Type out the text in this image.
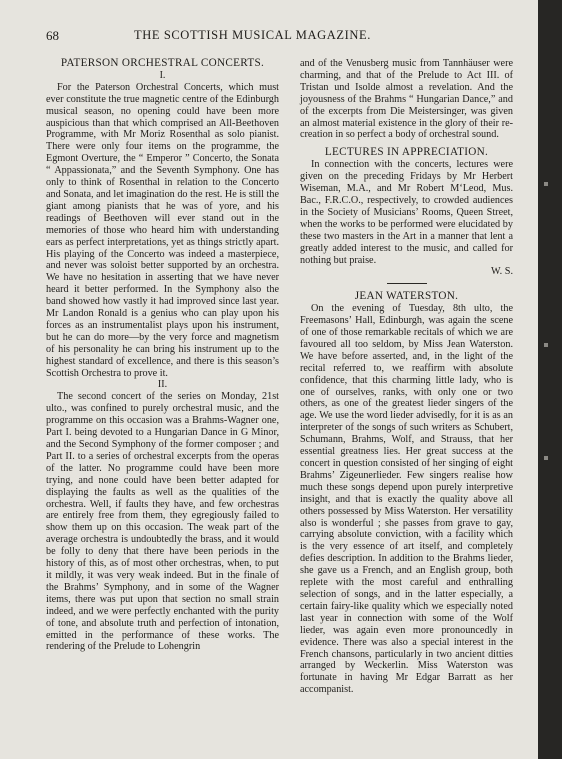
68	THE SCOTTISH MUSICAL MAGAZINE.
PATERSON ORCHESTRAL CONCERTS.
I.

For the Paterson Orchestral Concerts, which must ever constitute the true magnetic centre of the Edinburgh musical season, no opening could have been more auspicious than that which comprised an All-Beethoven Programme, with Mr Moriz Rosenthal as solo pianist. There were only four items on the programme, the Egmont Overture, the “ Emperor ” Concerto, the Sonata “ Appassionata,” and the Seventh Symphony. One has only to think of Rosenthal in relation to the Concerto and Sonata, and let imagination do the rest. He is still the giant among pianists that he was of yore, and his readings of Beethoven will ever stand out in the memories of those who heard him with understanding ears as perfect interpretations, yet as things strictly apart. His playing of the Concerto was indeed a masterpiece, and never was soloist better supported by an orchestra. We have no hesitation in asserting that we have never heard it better performed. In the Symphony also the band showed how vastly it had improved since last year. Mr Landon Ronald is a genius who can play upon his forces as an instrumentalist plays upon his instrument, but he can do more—by the very force and magnetism of his personality he can bring his instrument up to the highest standard of excellence, and there is this season’s Scottish Orchestra to prove it.

II.

The second concert of the series on Monday, 21st ulto., was confined to purely orchestral music, and the programme on this occasion was a Brahms-Wagner one, Part I. being devoted to a Hungarian Dance in G Minor, and the Second Symphony of the former composer ; and Part II. to a series of orchestral excerpts from the operas of the latter. No programme could have been more trying, and none could have been better adapted for displaying the faults as well as the qualities of the orchestra. Well, if faults they have, and few orchestras are entirely free from them, they egregiously failed to show them up on this occasion. The weak part of the average orchestra is undoubtedly the brass, and it would be folly to deny that there have been periods in the history of this, as of most other orchestras, when, to put it mildly, it was very weak indeed. But in the finale of the Brahms’ Symphony, and in some of the Wagner items, there was put upon that section no small strain indeed, and we were perfectly enchanted with the purity of tone, and absolute truth and perfection of intonation, emitted in the performance of these works. The rendering of the Prelude to Lohengrin

and of the Venusberg music from Tannhäuser were charming, and that of the Prelude to Act III. of Tristan und Isolde almost a revelation. And the joyousness of the Brahms “ Hungarian Dance,” and of the excerpts from Die Meistersinger, was given an almost material existence in the glory of their re-creation in so perfect a body of orchestral sound.

LECTURES IN APPRECIATION.

In connection with the concerts, lectures were given on the preceding Fridays by Mr Herbert Wiseman, M.A., and Mr Robert M‘Leod, Mus. Bac., F.R.C.O., respectively, to crowded audiences in the Society of Musicians’ Rooms, Queen Street, when the works to be performed were elucidated by these two masters in the Art in a manner that lent a greatly added interest to the music, and called for nothing but praise.

W. S.

JEAN WATERSTON.

On the evening of Tuesday, 8th ulto, the Freemasons’ Hall, Edinburgh, was again the scene of one of those remarkable recitals of which we are favoured all too seldom, by Miss Jean Waterston. We have before asserted, and, in the light of the recital referred to, we reaffirm with absolute confidence, that this charming little lady, who is one of ourselves, ranks, with only one or two others, as one of the greatest lieder singers of the age. We use the word lieder advisedly, for it is as an interpreter of the songs of such writers as Schubert, Schumann, Brahms, Wolf, and Strauss, that her essential greatness lies. Her great success at the concert in question consisted of her singing of eight Brahms’ Zigeunerlieder. Few singers realise how much these songs depend upon purely interpretive insight, and that is exactly the quality above all others possessed by Miss Waterston. Her versatility also is wonderful ; she passes from grave to gay, carrying absolute conviction, with a facility which is the very essence of art itself, and completely defies description. In addition to the Brahms lieder, she gave us a French, and an English group, both replete with the most careful and enthralling selection of songs, and in the latter especially, a certain fairy-like quality which we especially noted last year in connection with some of the Wolf lieder, was again even more pronouncedly in evidence. There was also a special interest in the French chansons, particularly in two ancient ditties arranged by Weckerlin. Miss Waterston was fortunate in having Mr Edgar Barratt as her accompanist.
